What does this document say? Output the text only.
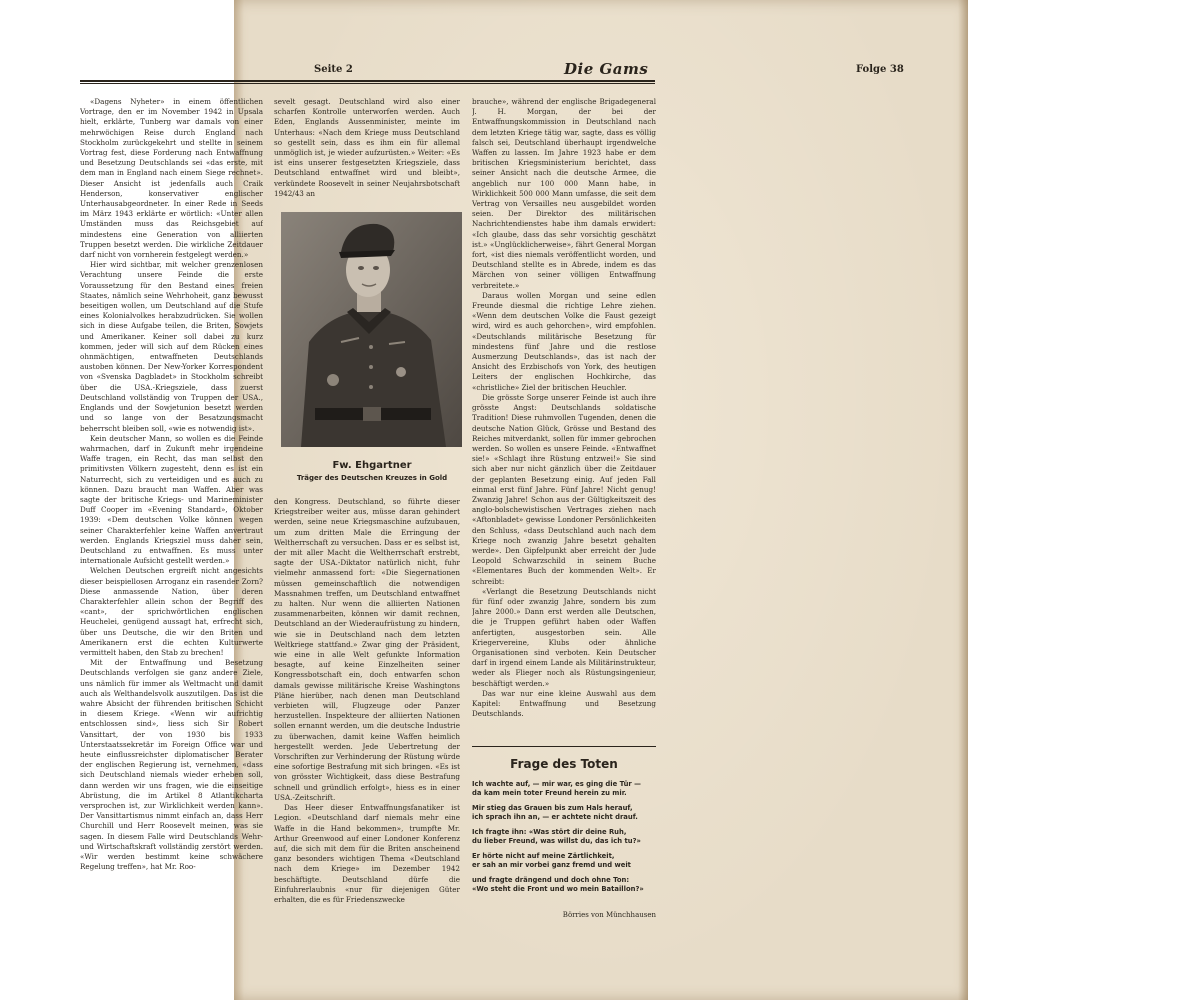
Seite 2	Die Gams	Folge 38

«Dagens Nyheter» in einem öffentlichen Vortrage, den er im November 1942 in Upsala hielt, erklärte, Tunberg war damals von einer mehrwöchigen Reise durch England nach Stockholm zurückgekehrt und stellte in seinem Vortrag fest, diese Forderung nach Entwaffnung und Besetzung Deutschlands sei «das erste, mit dem man in England nach einem Siege rechnet». Dieser Ansicht ist jedenfalls auch Craik Henderson, konservativer englischer Unterhausabgeordneter. In einer Rede in Seeds im März 1943 erklärte er wörtlich: «Unter allen Umständen muss das Reichsgebiet auf mindestens eine Generation von alliierten Truppen besetzt werden. Die wirkliche Zeitdauer darf nicht von vornherein festgelegt werden.»

Hier wird sichtbar, mit welcher grenzenlosen Verachtung unsere Feinde die erste Voraussetzung für den Bestand eines freien Staates, nämlich seine Wehrhoheit, ganz bewusst beseitigen wollen, um Deutschland auf die Stufe eines Kolonialvolkes herabzudrücken. Sie wollen sich in diese Aufgabe teilen, die Briten, Sowjets und Amerikaner. Keiner soll dabei zu kurz kommen, jeder will sich auf dem Rücken eines ohnmächtigen, entwaffneten Deutschlands austoben können. Der New-Yorker Korrespondent von «Svenska Dagbladet» in Stockholm schreibt über die USA.-Kriegsziele, dass zuerst Deutschland vollständig von Truppen der USA., Englands und der Sowjetunion besetzt werden und so lange von der Besatzungsmacht beherrscht bleiben soll, «wie es notwendig ist».

Kein deutscher Mann, so wollen es die Feinde wahrmachen, darf in Zukunft mehr irgendeine Waffe tragen, ein Recht, das man selbst den primitivsten Völkern zugesteht, denn es ist ein Naturrecht, sich zu verteidigen und es auch zu können. Dazu braucht man Waffen. Aber was sagte der britische Kriegs- und Marineminister Duff Cooper im «Evening Standard», Oktober 1939: «Dem deutschen Volke können wegen seiner Charakterfehler keine Waffen anvertraut werden. Englands Kriegsziel muss daher sein, Deutschland zu entwaffnen. Es muss unter internationale Aufsicht gestellt werden.»

Welchen Deutschen ergreift nicht angesichts dieser beispiellosen Arroganz ein rasender Zorn? Diese anmassende Nation, über deren Charakterfehler allein schon der Begriff des «cant», der sprichwörtlichen englischen Heuchelei, genügend aussagt hat, erfrecht sich, über uns Deutsche, die wir den Briten und Amerikanern erst die echten Kulturwerte vermittelt haben, den Stab zu brechen!

Mit der Entwaffnung und Besetzung Deutschlands verfolgen sie ganz andere Ziele, uns nämlich für immer als Weltmacht und damit auch als Welthandelsvolk auszutilgen. Das ist die wahre Absicht der führenden britischen Schicht in diesem Kriege. «Wenn wir aufrichtig entschlossen sind», liess sich Sir Robert Vansittart, der von 1930 bis 1933 Unterstaatssekretär im Foreign Office war und heute einflussreichster diplomatischer Berater der englischen Regierung ist, vernehmen, «dass sich Deutschland niemals wieder erheben soll, dann werden wir uns fragen, wie die einseitige Abrüstung, die im Artikel 8 Atlantikcharta versprochen ist, zur Wirklichkeit werden kann». Der Vansittartismus nimmt einfach an, dass Herr Churchill und Herr Roosevelt meinen, was sie sagen. In diesem Falle wird Deutschlands Wehr- und Wirtschaftskraft vollständig zerstört werden. «Wir werden bestimmt keine schwächere Regelung treffen», hat Mr. Roo-

sevelt gesagt. Deutschland wird also einer scharfen Kontrolle unterworfen werden. Auch Eden, Englands Aussenminister, meinte im Unterhaus: «Nach dem Kriege muss Deutschland so gestellt sein, dass es ihm ein für allemal unmöglich ist, je wieder aufzurüsten.» Weiter: «Es ist eins unserer festgesetzten Kriegsziele, dass Deutschland entwaffnet wird und bleibt», verkündete Roosevelt in seiner Neujahrsbotschaft 1942/43 an

Fw. Ehgartner
Träger des Deutschen Kreuzes in Gold

den Kongress. Deutschland, so führte dieser Kriegstreiber weiter aus, müsse daran gehindert werden, seine neue Kriegsmaschine aufzubauen, um zum dritten Male die Erringung der Weltherrschaft zu versuchen. Dass er es selbst ist, der mit aller Macht die Weltherrschaft erstrebt, sagte der USA.-Diktator natürlich nicht, fuhr vielmehr anmassend fort: «Die Siegernationen müssen gemeinschaftlich die notwendigen Massnahmen treffen, um Deutschland entwaffnet zu halten. Nur wenn die alliierten Nationen zusammenarbeiten, können wir damit rechnen, Deutschland an der Wiederaufrüstung zu hindern, wie sie in Deutschland nach dem letzten Weltkriege stattfand.» Zwar ging der Präsident, wie eine in alle Welt gefunkte Information besagte, auf keine Einzelheiten seiner Kongressbotschaft ein, doch entwarfen schon damals gewisse militärische Kreise Washingtons Pläne hierüber, nach denen man Deutschland verbieten will, Flugzeuge oder Panzer herzustellen. Inspekteure der alliierten Nationen sollen ernannt werden, um die deutsche Industrie zu überwachen, damit keine Waffen heimlich hergestellt werden. Jede Uebertretung der Vorschriften zur Verhinderung der Rüstung würde eine sofortige Bestrafung mit sich bringen. «Es ist von grösster Wichtigkeit, dass diese Bestrafung schnell und gründlich erfolgt», hiess es in einer USA.-Zeitschrift.

Das Heer dieser Entwaffnungsfanatiker ist Legion. «Deutschland darf niemals mehr eine Waffe in die Hand bekommen», trumpfte Mr. Arthur Greenwood auf einer Londoner Konferenz auf, die sich mit dem für die Briten anscheinend ganz besonders wichtigen Thema «Deutschland nach dem Kriege» im Dezember 1942 beschäftigte. Deutschland dürfe die Einfuhrerlaubnis «nur für diejenigen Güter erhalten, die es für Friedenszwecke

brauche», während der englische Brigadegeneral J. H. Morgan, der bei der Entwaffnungskommission in Deutschland nach dem letzten Kriege tätig war, sagte, dass es völlig falsch sei, Deutschland überhaupt irgendwelche Waffen zu lassen. Im Jahre 1923 habe er dem britischen Kriegsministerium berichtet, dass seiner Ansicht nach die deutsche Armee, die angeblich nur 100 000 Mann habe, in Wirklichkeit 500 000 Mann umfasse, die seit dem Vertrag von Versailles neu ausgebildet worden seien. Der Direktor des militärischen Nachrichtendienstes habe ihm damals erwidert: «Ich glaube, dass das sehr vorsichtig geschätzt ist.» «Unglücklicherweise», fährt General Morgan fort, «ist dies niemals veröffentlicht worden, und Deutschland stellte es in Abrede, indem es das Märchen von seiner völligen Entwaffnung verbreitete.»

Daraus wollen Morgan und seine edlen Freunde diesmal die richtige Lehre ziehen. «Wenn dem deutschen Volke die Faust gezeigt wird, wird es auch gehorchen», wird empfohlen. «Deutschlands militärische Besetzung für mindestens fünf Jahre und die restlose Ausmerzung Deutschlands», das ist nach der Ansicht des Erzbischofs von York, des heutigen Leiters der englischen Hochkirche, das «christliche» Ziel der britischen Heuchler.

Die grösste Sorge unserer Feinde ist auch ihre grösste Angst: Deutschlands soldatische Tradition! Diese ruhmvollen Tugenden, denen die deutsche Nation Glück, Grösse und Bestand des Reiches mitverdankt, sollen für immer gebrochen werden. So wollen es unsere Feinde. «Entwaffnet sie!» «Schlagt ihre Rüstung entzwei!» Sie sind sich aber nur nicht gänzlich über die Zeitdauer der geplanten Besetzung einig. Auf jeden Fall einmal erst fünf Jahre. Fünf Jahre! Nicht genug! Zwanzig Jahre! Schon aus der Gültigkeitszeit des anglo-bolschewistischen Vertrages ziehen nach «Aftonbladet» gewisse Londoner Persönlichkeiten den Schluss, «dass Deutschland auch nach dem Kriege noch zwanzig Jahre besetzt gehalten werde». Den Gipfelpunkt aber erreicht der Jude Leopold Schwarzschild in seinem Buche «Elementares Buch der kommenden Welt». Er schreibt:

«Verlangt die Besetzung Deutschlands nicht für fünf oder zwanzig Jahre, sondern bis zum Jahre 2000.» Dann erst werden alle Deutschen, die je Truppen geführt haben oder Waffen anfertigten, ausgestorben sein. Alle Kriegervereine, Klubs oder ähnliche Organisationen sind verboten. Kein Deutscher darf in irgend einem Lande als Militärinstrukteur, weder als Flieger noch als Rüstungsingenieur, beschäftigt werden.»

Das war nur eine kleine Auswahl aus dem Kapitel: Entwaffnung und Besetzung Deutschlands.

Frage des Toten
Ich wachte auf, — mir war, es ging die Tür —
da kam mein toter Freund herein zu mir.
Mir stieg das Grauen bis zum Hals herauf,
ich sprach ihn an, — er achtete nicht drauf.
Ich fragte ihn: «Was stört dir deine Ruh,
du lieber Freund, was willst du, das ich tu?»
Er hörte nicht auf meine Zärtlichkeit,
er sah an mir vorbei ganz fremd und weit
und fragte drängend und doch ohne Ton:
«Wo steht die Front und wo mein Bataillon?»
Börries von Münchhausen
